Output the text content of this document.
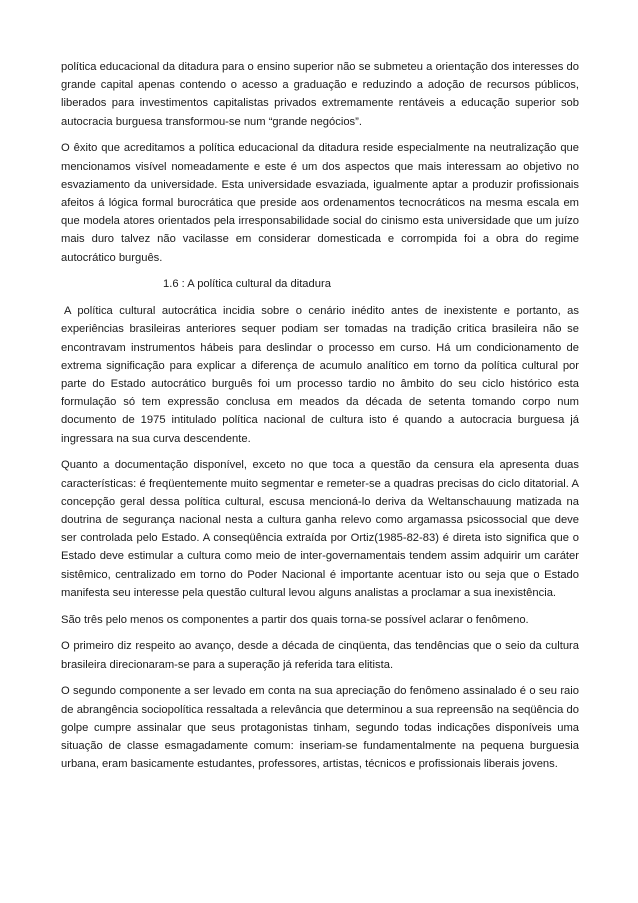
política educacional da ditadura para o ensino superior não se submeteu a orientação dos interesses do grande capital apenas contendo o acesso a graduação e reduzindo a adoção de recursos públicos, liberados para investimentos capitalistas privados extremamente rentáveis a educação superior sob autocracia burguesa transformou-se num “grande negócios”.

O êxito que acreditamos a política educacional da ditadura reside especialmente na neutralização que mencionamos visível nomeadamente e este é um dos aspectos que mais interessam ao objetivo no esvaziamento da universidade. Esta universidade esvaziada, igualmente aptar a produzir profissionais afeitos á lógica formal burocrática que preside aos ordenamentos tecnocráticos na mesma escala em que modela atores orientados pela irresponsabilidade social do cinismo esta universidade que um juízo mais duro talvez não vacilasse em considerar domesticada e corrompida foi a obra do regime autocrático burguês.

1.6 : A política cultural da ditadura

A política cultural autocrática incidia sobre o cenário inédito antes de inexistente e portanto, as experiências brasileiras anteriores sequer podiam ser tomadas na tradição critica brasileira não se encontravam instrumentos hábeis para deslindar o processo em curso. Há um condicionamento de extrema significação para explicar a diferença de acumulo analítico em torno da política cultural por parte do Estado autocrático burguês foi um processo tardio no âmbito do seu ciclo histórico esta formulação só tem expressão conclusa em meados da década de setenta tomando corpo num documento de 1975 intitulado política nacional de cultura isto é quando a autocracia burguesa já ingressara na sua curva descendente.

Quanto a documentação disponível, exceto no que toca a questão da censura ela apresenta duas características: é freqüentemente muito segmentar e remeter-se a quadras precisas do ciclo ditatorial. A concepção geral dessa política cultural, escusa mencioná-lo deriva da Weltanschauung matizada na doutrina de segurança nacional nesta a cultura ganha relevo como argamassa psicossocial que deve ser controlada pelo Estado. A conseqüência extraída por Ortiz(1985-82-83) é direta isto significa que o Estado deve estimular a cultura como meio de inter-governamentais tendem assim adquirir um caráter sistêmico, centralizado em torno do Poder Nacional é importante acentuar isto ou seja que o Estado manifesta seu interesse pela questão cultural levou alguns analistas a proclamar a sua inexistência.

São três pelo menos os componentes a partir dos quais torna-se possível aclarar o fenômeno.

O primeiro diz respeito ao avanço, desde a década de cinqüenta, das tendências que o seio da cultura brasileira direcionaram-se para a superação já referida tara elitista.

O segundo componente a ser levado em conta na sua apreciação do fenômeno assinalado é o seu raio de abrangência sociopolítica ressaltada a relevância que determinou a sua repreensão na seqüência do golpe cumpre assinalar que seus protagonistas tinham, segundo todas indicações disponíveis uma situação de classe esmagadamente comum: inseriam-se fundamentalmente na pequena burguesia urbana, eram basicamente estudantes, professores, artistas, técnicos e profissionais liberais jovens.
